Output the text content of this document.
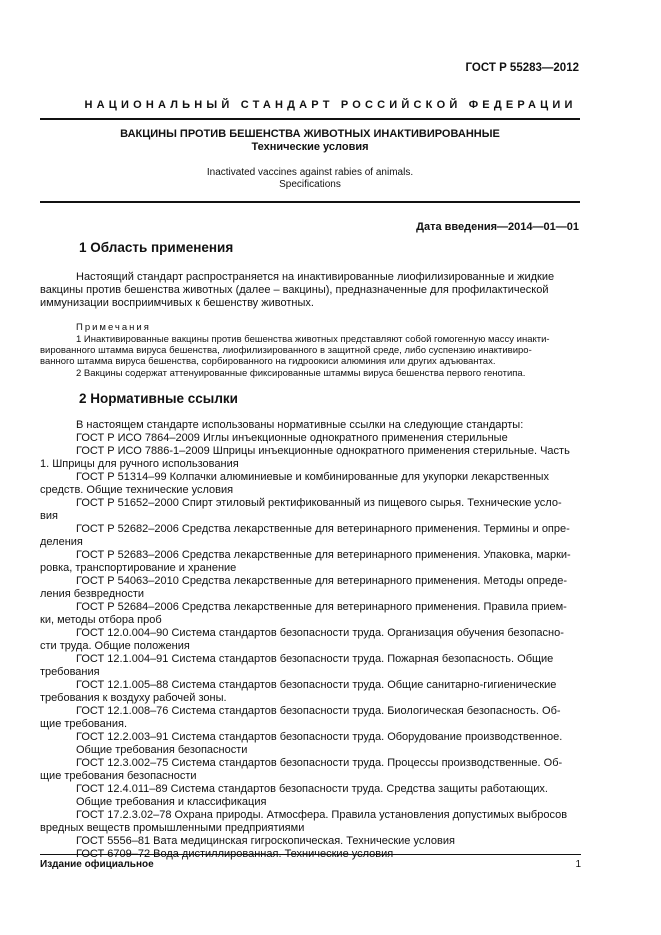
ГОСТ Р 55283—2012
НАЦИОНАЛЬНЫЙ СТАНДАРТ РОССИЙСКОЙ ФЕДЕРАЦИИ
ВАКЦИНЫ ПРОТИВ БЕШЕНСТВА ЖИВОТНЫХ ИНАКТИВИРОВАННЫЕ
Технические условия
Inactivated vaccines against rabies of animals.
Specifications
Дата введения—2014—01—01
1 Область применения
Настоящий стандарт распространяется на инактивированные лиофилизированные и жидкие
вакцины против бешенства животных (далее – вакцины), предназначенные для профилактической
иммунизации восприимчивых к бешенству животных.
Примечания
1 Инактивированные вакцины против бешенства животных представляют собой гомогенную массу инакти-
вированного штамма вируса бешенства, лиофилизированного в защитной среде, либо суспензию инактивиро-
ванного штамма вируса бешенства, сорбированного на гидроокиси алюминия или других адъювантах.
2 Вакцины содержат аттенуированные фиксированные штаммы вируса бешенства первого генотипа.
2 Нормативные ссылки
В настоящем стандарте использованы нормативные ссылки на следующие стандарты:
ГОСТ Р ИСО 7864–2009 Иглы инъекционные однократного применения стерильные
ГОСТ Р ИСО 7886-1–2009 Шприцы инъекционные однократного применения стерильные. Часть
1. Шприцы для ручного использования
ГОСТ Р 51314–99 Колпачки алюминиевые и комбинированные для укупорки лекарственных
средств. Общие технические условия
ГОСТ Р 51652–2000 Спирт этиловый ректификованный из пищевого сырья. Технические усло-
вия
ГОСТ Р 52682–2006 Средства лекарственные для ветеринарного применения. Термины и опре-
деления
ГОСТ Р 52683–2006 Средства лекарственные для ветеринарного применения. Упаковка, марки-
ровка, транспортирование и хранение
ГОСТ Р 54063–2010 Средства лекарственные для ветеринарного применения. Методы опреде-
ления безвредности
ГОСТ Р 52684–2006 Средства лекарственные для ветеринарного применения. Правила прием-
ки, методы отбора проб
ГОСТ 12.0.004–90 Система стандартов безопасности труда. Организация обучения безопасно-
сти труда. Общие положения
ГОСТ 12.1.004–91 Система стандартов безопасности труда. Пожарная безопасность. Общие
требования
ГОСТ 12.1.005–88 Система стандартов безопасности труда. Общие санитарно-гигиенические
требования к воздуху рабочей зоны.
ГОСТ 12.1.008–76 Система стандартов безопасности труда. Биологическая безопасность. Об-
щие требования.
ГОСТ 12.2.003–91 Система стандартов безопасности труда. Оборудование производственное.
Общие требования безопасности
ГОСТ 12.3.002–75 Система стандартов безопасности труда. Процессы производственные. Об-
щие требования безопасности
ГОСТ 12.4.011–89 Система стандартов безопасности труда. Средства защиты работающих.
Общие требования и классификация
ГОСТ 17.2.3.02–78 Охрана природы. Атмосфера. Правила установления допустимых выбросов
вредных веществ промышленными предприятиями
ГОСТ 5556–81 Вата медицинская гигроскопическая. Технические условия
ГОСТ 6709–72 Вода дистиллированная. Технические условия
Издание официальное	1
